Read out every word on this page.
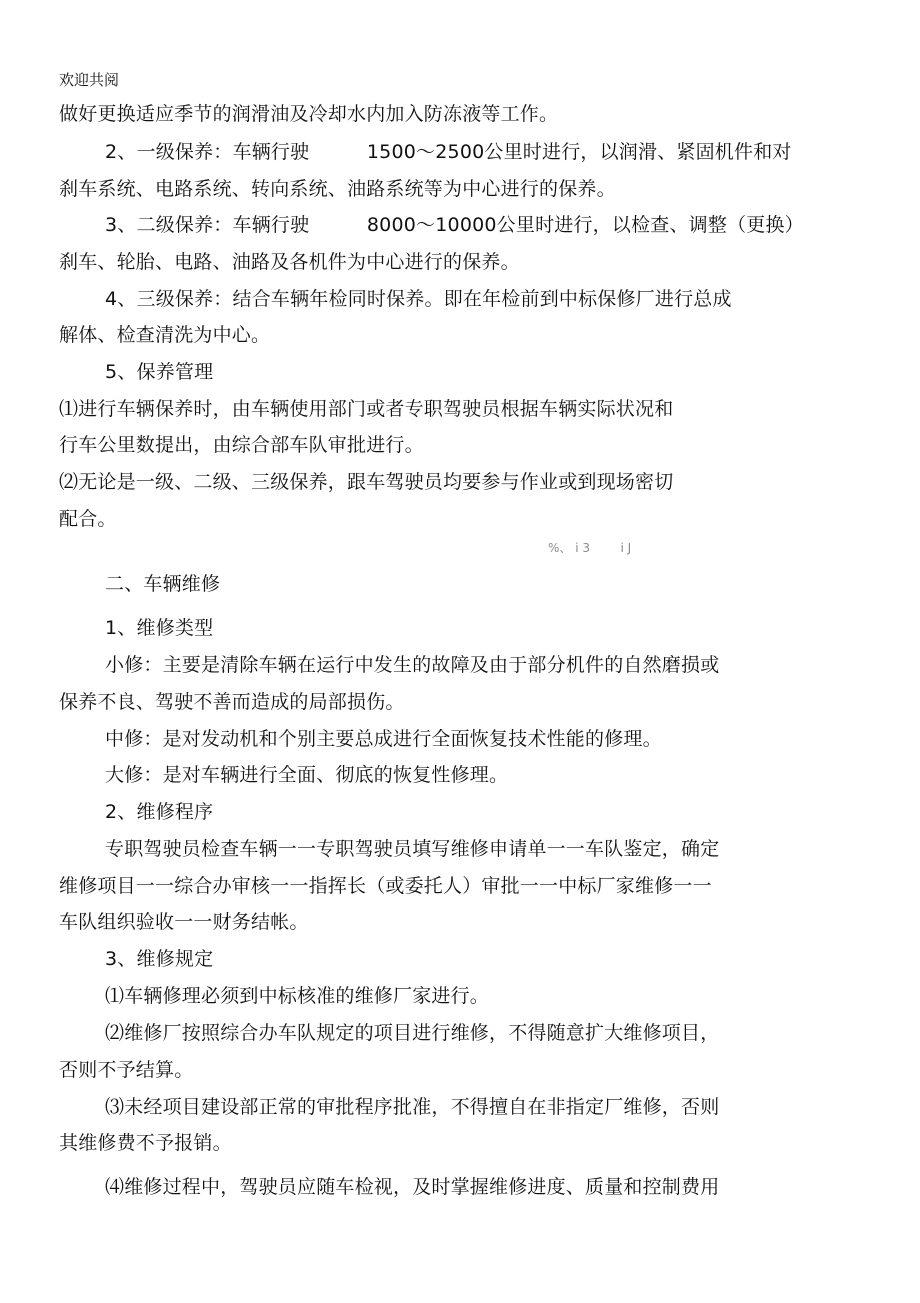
欢迎共阅
做好更换适应季节的润滑油及冷却水内加入防冻液等工作。
2、一级保养：车辆行驶　　　1500～2500公里时进行，以润滑、紧固机件和对
刹车系统、电路系统、转向系统、油路系统等为中心进行的保养。
3、二级保养：车辆行驶　　　8000～10000公里时进行，以检查、调整（更换）
刹车、轮胎、电路、油路及各机件为中心进行的保养。
4、三级保养：结合车辆年检同时保养。即在年检前到中标保修厂进行总成
解体、检查清洗为中心。
5、保养管理
⑴进行车辆保养时，由车辆使用部门或者专职驾驶员根据车辆实际状况和
行车公里数提出，由综合部车队审批进行。
⑵无论是一级、二级、三级保养，跟车驾驶员均要参与作业或到现场密切
配合。
%、 i 3        i J
二、车辆维修
1、维修类型
小修：主要是清除车辆在运行中发生的故障及由于部分机件的自然磨损或
保养不良、驾驶不善而造成的局部损伤。
中修：是对发动机和个别主要总成进行全面恢复技术性能的修理。
大修：是对车辆进行全面、彻底的恢复性修理。
2、维修程序
专职驾驶员检查车辆一一专职驾驶员填写维修申请单一一车队鉴定，确定
维修项目一一综合办审核一一指挥长（或委托人）审批一一中标厂家维修一一
车队组织验收一一财务结帐。
3、维修规定
⑴车辆修理必须到中标核准的维修厂家进行。
⑵维修厂按照综合办车队规定的项目进行维修，不得随意扩大维修项目，
否则不予结算。
⑶未经项目建设部正常的审批程序批准，不得擅自在非指定厂维修，否则
其维修费不予报销。
⑷维修过程中，驾驶员应随车检视，及时掌握维修进度、质量和控制费用
